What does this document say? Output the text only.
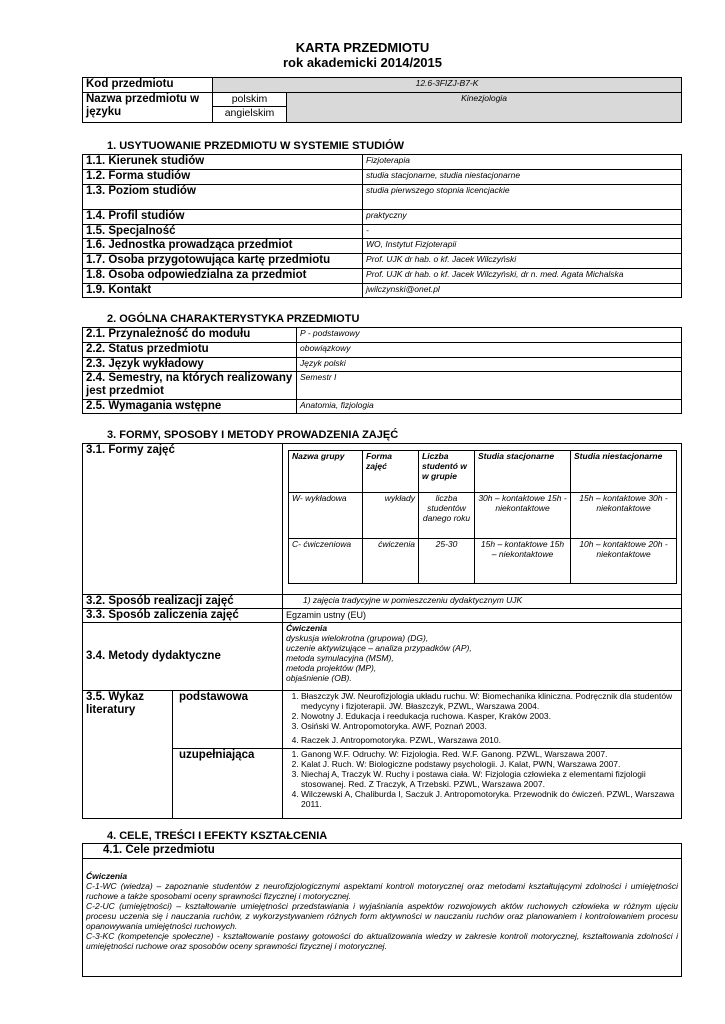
KARTA PRZEDMIOTU
rok akademicki 2014/2015
Kod przedmiotu	12.6-3FIZJ-B7-K	
Nazwa przedmiotu w języku	polskim	Kinezjologia
	angielskim	
1. USYTUOWANIE PRZEDMIOTU W SYSTEMIE STUDIÓW
1.1. Kierunek studiów	Fizjoterapia
1.2. Forma studiów	studia stacjonarne, studia niestacjonarne
1.3. Poziom studiów	studia pierwszego stopnia licencjackie
1.4. Profil studiów	praktyczny
1.5. Specjalność	-
1.6. Jednostka prowadząca przedmiot	WO, Instytut Fizjoterapii
1.7. Osoba przygotowująca kartę przedmiotu	Prof. UJK dr hab. o kf. Jacek Wilczyński
1.8. Osoba odpowiedzialna za przedmiot	Prof. UJK dr hab. o kf. Jacek Wilczyński, dr n. med. Agata Michalska
1.9. Kontakt	jwilczynski@onet.pl
2. OGÓLNA CHARAKTERYSTYKA PRZEDMIOTU
2.1. Przynależność do modułu	P - podstawowy
2.2. Status przedmiotu	obowiązkowy
2.3. Język wykładowy	Język polski
2.4. Semestry, na których realizowany jest przedmiot	Semestr I
2.5. Wymagania wstępne	Anatomia, fizjologia
3. FORMY, SPOSOBY I METODY PROWADZENIA ZAJĘĆ
3.1. Formy zajęć		Nazwa grupy	Forma zajęć	Liczba studentó w w grupie	Studia stacjonarne	Studia niestacjonarne
W- wykładowa	wykłady	liczba studentów danego roku	30h – kontaktowe 15h - niekontaktowe	15h – kontaktowe 30h - niekontaktowe
C- ćwiczeniowa	ćwiczenia	25-30	15h – kontaktowe 15h – niekontaktowe	10h – kontaktowe 20h - niekontaktowe

3.2. Sposób realizacji zajęć	1) zajęcia tradycyjne w pomieszczeniu dydaktycznym UJK
3.3. Sposób zaliczenia zajęć	Egzamin ustny (EU)
3.4. Metody dydaktyczne	
Ćwiczenia
dyskusja wielokrotna (grupowa) (DG),
uczenie aktywizujące – analiza przypadków (AP),
metoda symulacyjna (MSM),
metoda projektów (MP),
objaśnienie (OB).

3.5. Wykaz literatury	podstawowa	
1.Błaszczyk JW. Neurofizjologia układu ruchu. W: Biomechanika kliniczna. Podręcznik dla studentów medycyny i fizjoterapii. JW. Błaszczyk, PZWL, Warszawa 2004.
2. Nowotny J. Edukacja i reedukacja ruchowa. Kasper, Kraków 2003.
3. Osiński W. Antropomotoryka. AWF, Poznań 2003.
4. Raczek J. Antropomotoryka. PZWL, Warszawa 2010.

uzupełniająca	
1.Ganong W.F. Odruchy. W: Fizjologia. Red. W.F. Ganong. PZWL, Warszawa 2007.
2. Kalat J. Ruch. W: Biologiczne podstawy psychologii. J. Kalat, PWN, Warszawa 2007.
3. Niechaj A, Traczyk W. Ruchy i postawa ciała. W: Fizjologia człowieka z elementami fizjologii stosowanej. Red. Z Traczyk, A Trzebski. PZWL, Warszawa 2007.
4. Wilczewski A, Chaliburda I, Saczuk J. Antropomotoryka. Przewodnik do ćwiczeń. PZWL, Warszawa 2011.
4. CELE, TREŚCI I EFEKTY KSZTAŁCENIA
4.1. Cele przedmiotu

Ćwiczenia
C-1-WC (wiedza) – zapoznanie studentów z neurofizjologicznymi aspektami kontroli motorycznej oraz metodami kształtującymi zdolności i umiejętności ruchowe a także sposobami oceny sprawności fizycznej i motorycznej.
C-2-UC (umiejętności) – kształtowanie umiejętności przedstawiania i wyjaśniania aspektów rozwojowych aktów ruchowych człowieka w różnym ujęciu procesu uczenia się i nauczania ruchów, z wykorzystywaniem różnych form aktywności w nauczaniu ruchów oraz planowaniem i kontrolowaniem procesu opanowywania umiejętności ruchowych.
C-3-KC (kompetencje społeczne) - kształtowanie postawy gotowości do aktualizowania wiedzy w zakresie kontroli motorycznej, kształtowania zdolności i umiejętności ruchowe oraz sposobów oceny sprawności fizycznej i motorycznej.
